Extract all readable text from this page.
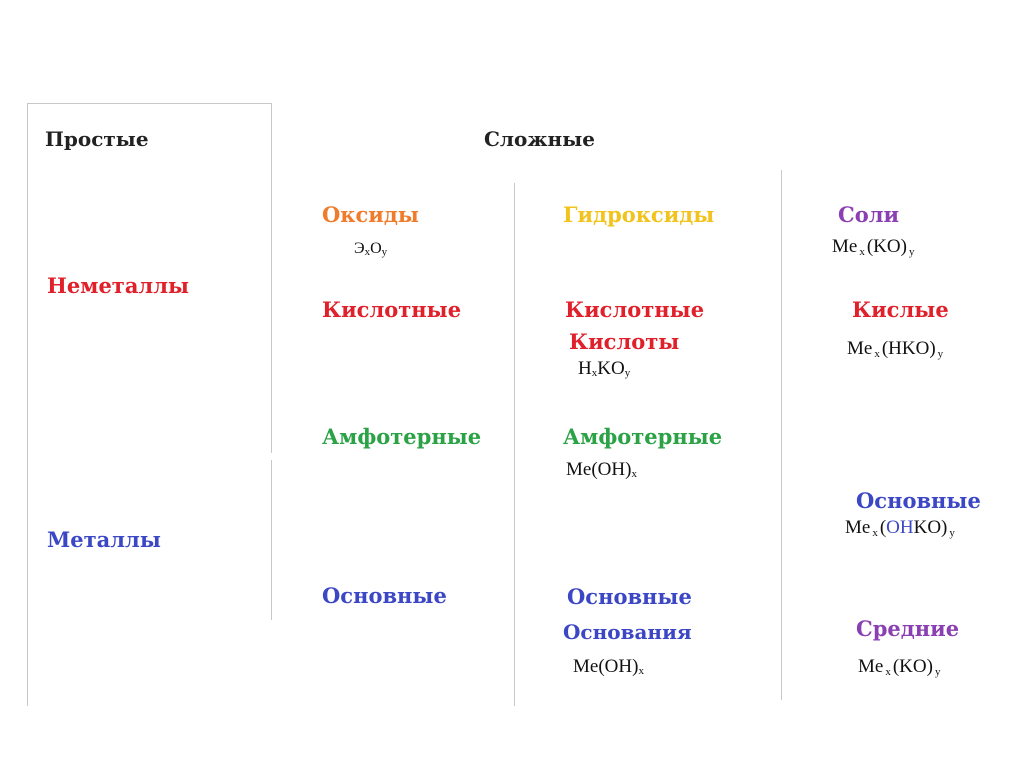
Простые	Сложные
Неметаллы
Металлы
Оксиды
$Э_xO_y$
Кислотные
Амфотерные
Основные
Гидроксиды
Кислотные
Кислоты
$H_xKO_y$
Амфотерные
$Me(OH)_x$
Основные
Основания
$Me(OH)_x$
Соли
Me x (KO) y
Кислые
Me x (HKO) y
Основные
Me x (OHKO) y
Средние
Me x (KO) y
